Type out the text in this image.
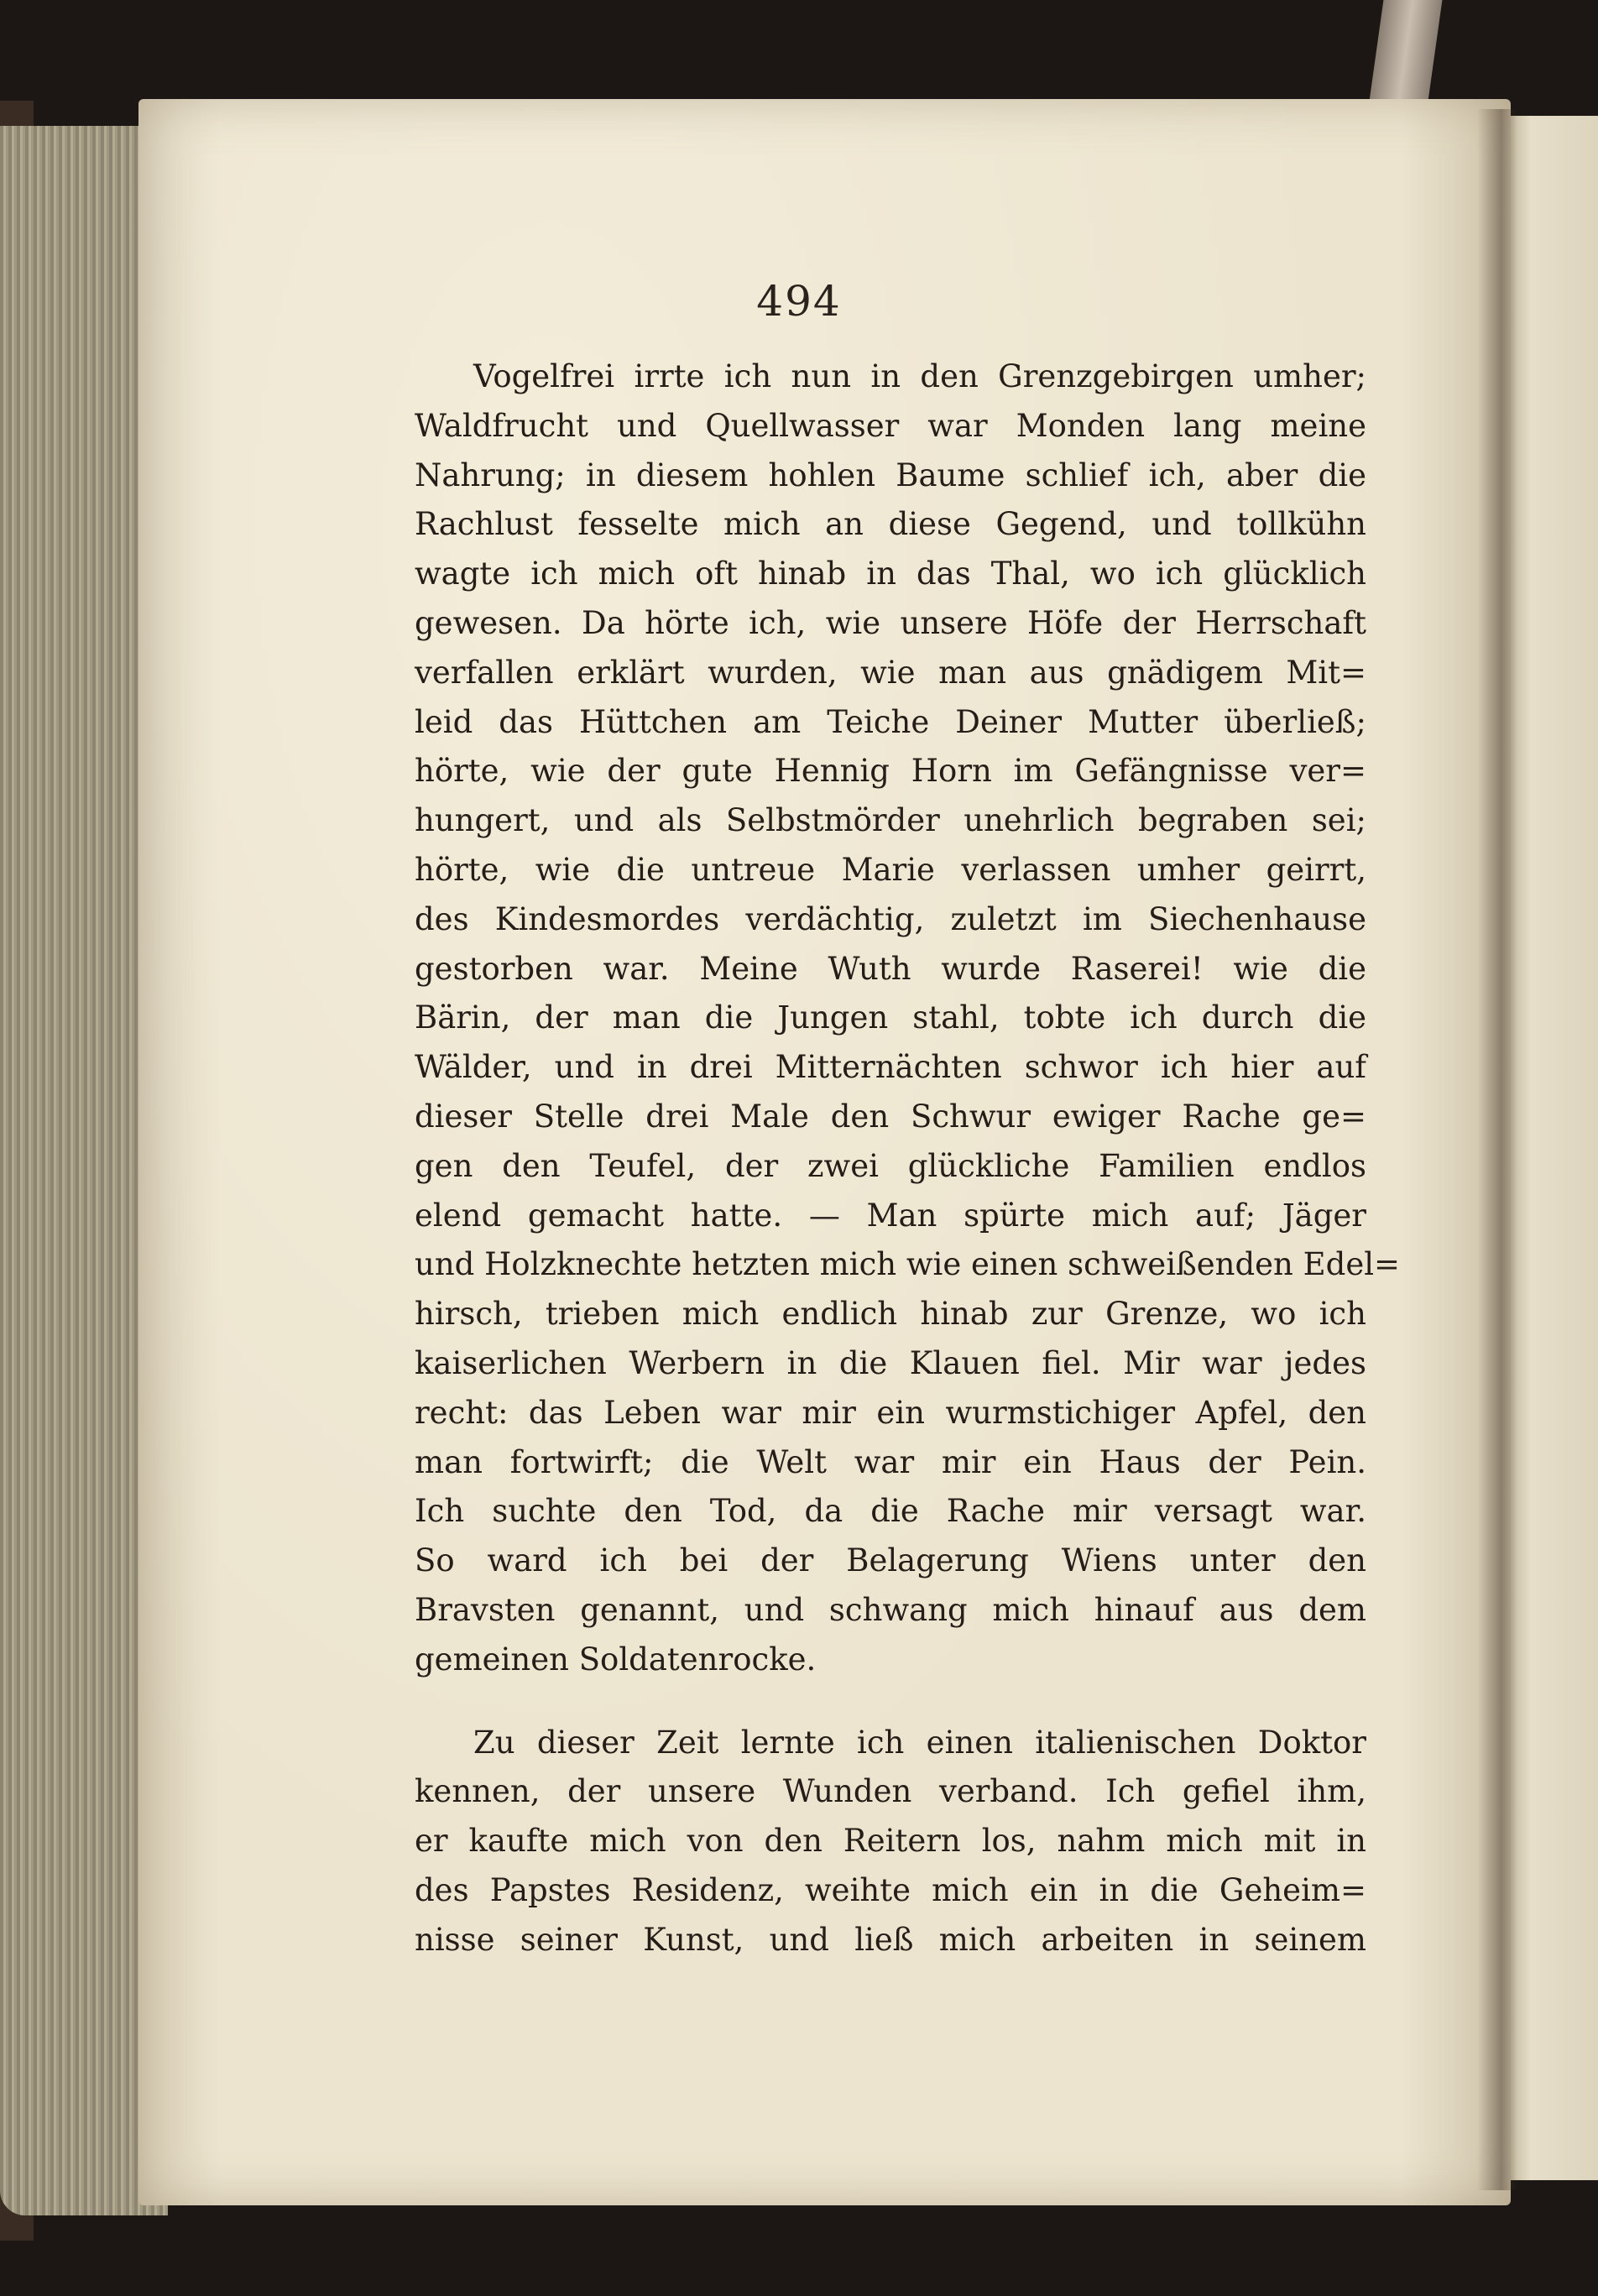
494

Vogelfrei irrte ich nun in den Grenzgebirgen umher;
Waldfrucht und Quellwasser war Monden lang meine
Nahrung; in diesem hohlen Baume schlief ich, aber die
Rachlust fesselte mich an diese Gegend, und tollkühn
wagte ich mich oft hinab in das Thal, wo ich glücklich
gewesen. Da hörte ich, wie unsere Höfe der Herrschaft
verfallen erklärt wurden, wie man aus gnädigem Mit=
leid das Hüttchen am Teiche Deiner Mutter überließ;
hörte, wie der gute Hennig Horn im Gefängnisse ver=
hungert, und als Selbstmörder unehrlich begraben sei;
hörte, wie die untreue Marie verlassen umher geirrt,
des Kindesmordes verdächtig, zuletzt im Siechenhause
gestorben war. Meine Wuth wurde Raserei! wie die
Bärin, der man die Jungen stahl, tobte ich durch die
Wälder, und in drei Mitternächten schwor ich hier auf
dieser Stelle drei Male den Schwur ewiger Rache ge=
gen den Teufel, der zwei glückliche Familien endlos
elend gemacht hatte. — Man spürte mich auf; Jäger
und Holzknechte hetzten mich wie einen schweißenden Edel=
hirsch, trieben mich endlich hinab zur Grenze, wo ich
kaiserlichen Werbern in die Klauen fiel. Mir war jedes
recht: das Leben war mir ein wurmstichiger Apfel, den
man fortwirft; die Welt war mir ein Haus der Pein.
Ich suchte den Tod, da die Rache mir versagt war.
So ward ich bei der Belagerung Wiens unter den
Bravsten genannt, und schwang mich hinauf aus dem
gemeinen Soldatenrocke.
Zu dieser Zeit lernte ich einen italienischen Doktor
kennen, der unsere Wunden verband. Ich gefiel ihm,
er kaufte mich von den Reitern los, nahm mich mit in
des Papstes Residenz, weihte mich ein in die Geheim=
nisse seiner Kunst, und ließ mich arbeiten in seinem
